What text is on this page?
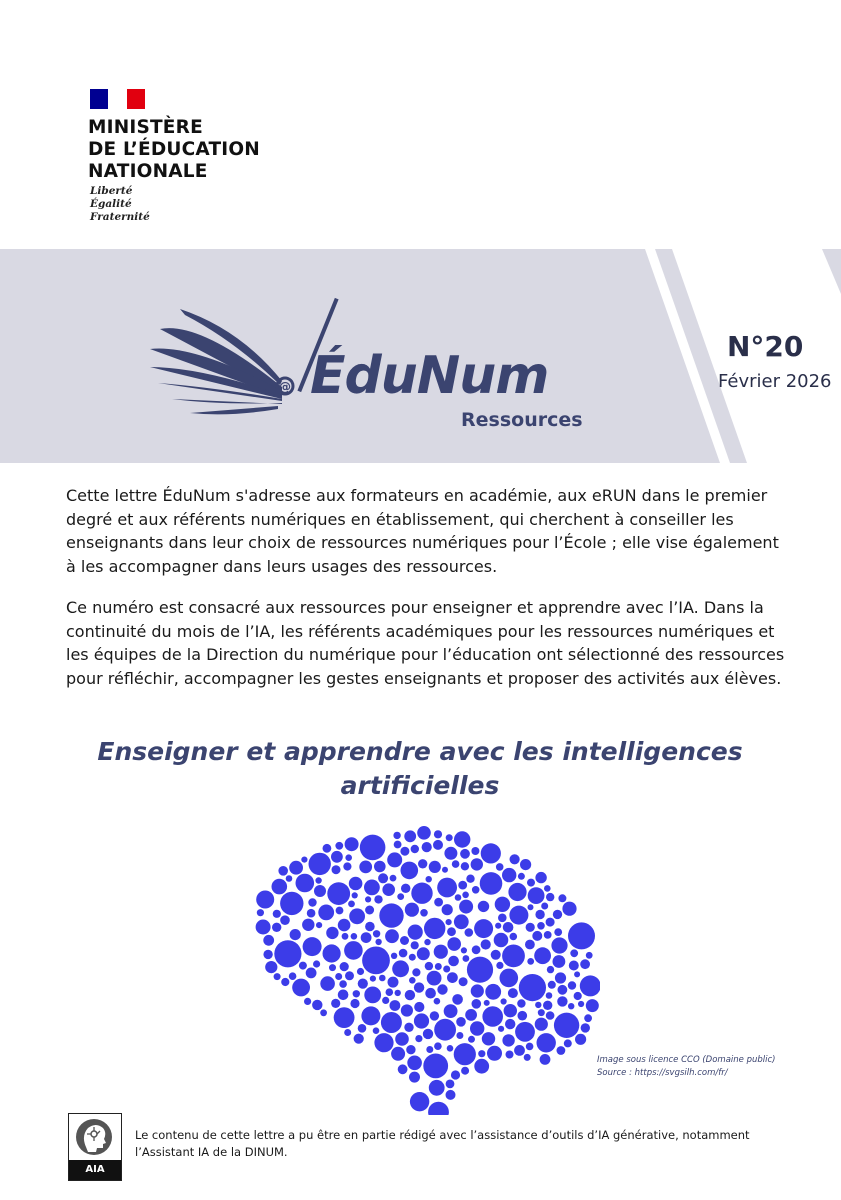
MINISTÈRE
DE L’ÉDUCATION
NATIONALE
Liberté
Égalité
Fraternité
@ ÉduNum
Ressources
N°20
Février 2026

Cette lettre ÉduNum s'adresse aux formateurs en académie, aux eRUN dans le premier degré et aux référents numériques en établissement, qui cherchent à conseiller les enseignants dans leur choix de ressources numériques pour l’École ; elle vise également à les accompagner dans leurs usages des ressources.

Ce numéro est consacré aux ressources pour enseigner et apprendre avec l’IA. Dans la continuité du mois de l’IA, les référents académiques pour les ressources numériques et les équipes de la Direction du numérique pour l’éducation ont sélectionné des ressources pour réfléchir, accompagner les gestes enseignants et proposer des activités aux élèves.

Enseigner et apprendre avec les intelligences artificielles
Image sous licence CCO (Domaine public)
Source : https://svgsilh.com/fr/
AIA
Le contenu de cette lettre a pu être en partie rédigé avec l’assistance d’outils d’IA générative, notamment l’Assistant IA de la DINUM.
